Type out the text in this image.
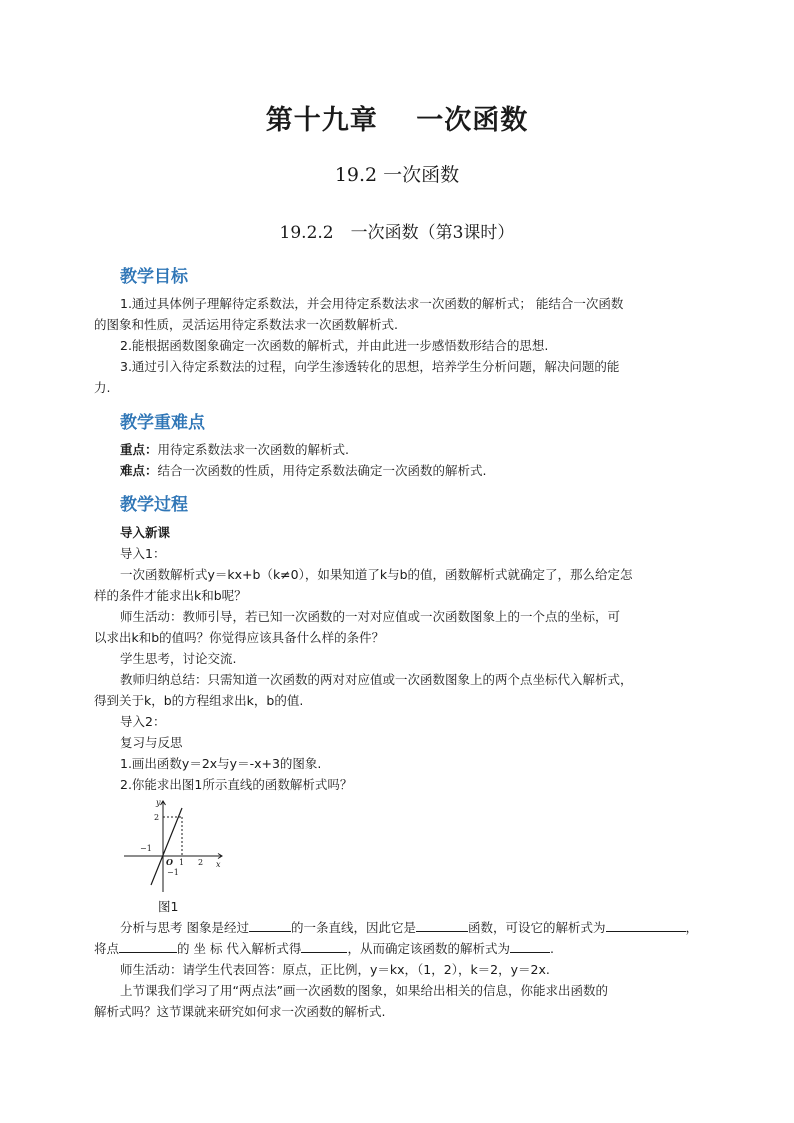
第十九章　 一次函数
19.2 一次函数
19.2.2　一次函数（第3课时）
教学目标
1.通过具体例子理解待定系数法，并会用待定系数法求一次函数的解析式； 能结合一次函数
的图象和性质，灵活运用待定系数法求一次函数解析式.
2.能根据函数图象确定一次函数的解析式，并由此进一步感悟数形结合的思想.
3.通过引入待定系数法的过程，向学生渗透转化的思想，培养学生分析问题，解决问题的能
力.
教学重难点
重点：用待定系数法求一次函数的解析式.
难点：结合一次函数的性质，用待定系数法确定一次函数的解析式.
教学过程
导入新课
导入1：
一次函数解析式y＝kx+b（k≠0），如果知道了k与b的值，函数解析式就确定了，那么给定怎
样的条件才能求出k和b呢？
师生活动：教师引导，若已知一次函数的一对对应值或一次函数图象上的一个点的坐标，可
以求出k和b的值吗？你觉得应该具备什么样的条件？
学生思考，讨论交流.
教师归纳总结：只需知道一次函数的两对对应值或一次函数图象上的两个点坐标代入解析式，
得到关于k，b的方程组求出k，b的值.
导入2：
复习与反思
1.画出函数y＝2x与y＝-x+3的图象.
2.你能求出图1所示直线的函数解析式吗？
y
x
2
−1
O 1 2
−1
图1
分析与思考 图象是经过	的一条直线，因此它是	函数，可设它的解析式为	，
将点	的 坐 标 代入解析式得	，从而确定该函数的解析式为	.
师生活动：请学生代表回答：原点，正比例，y＝kx，（1，2），k＝2，y＝2x.
上节课我们学习了用“两点法”画一次函数的图象，如果给出相关的信息，你能求出函数的
解析式吗？这节课就来研究如何求一次函数的解析式.
